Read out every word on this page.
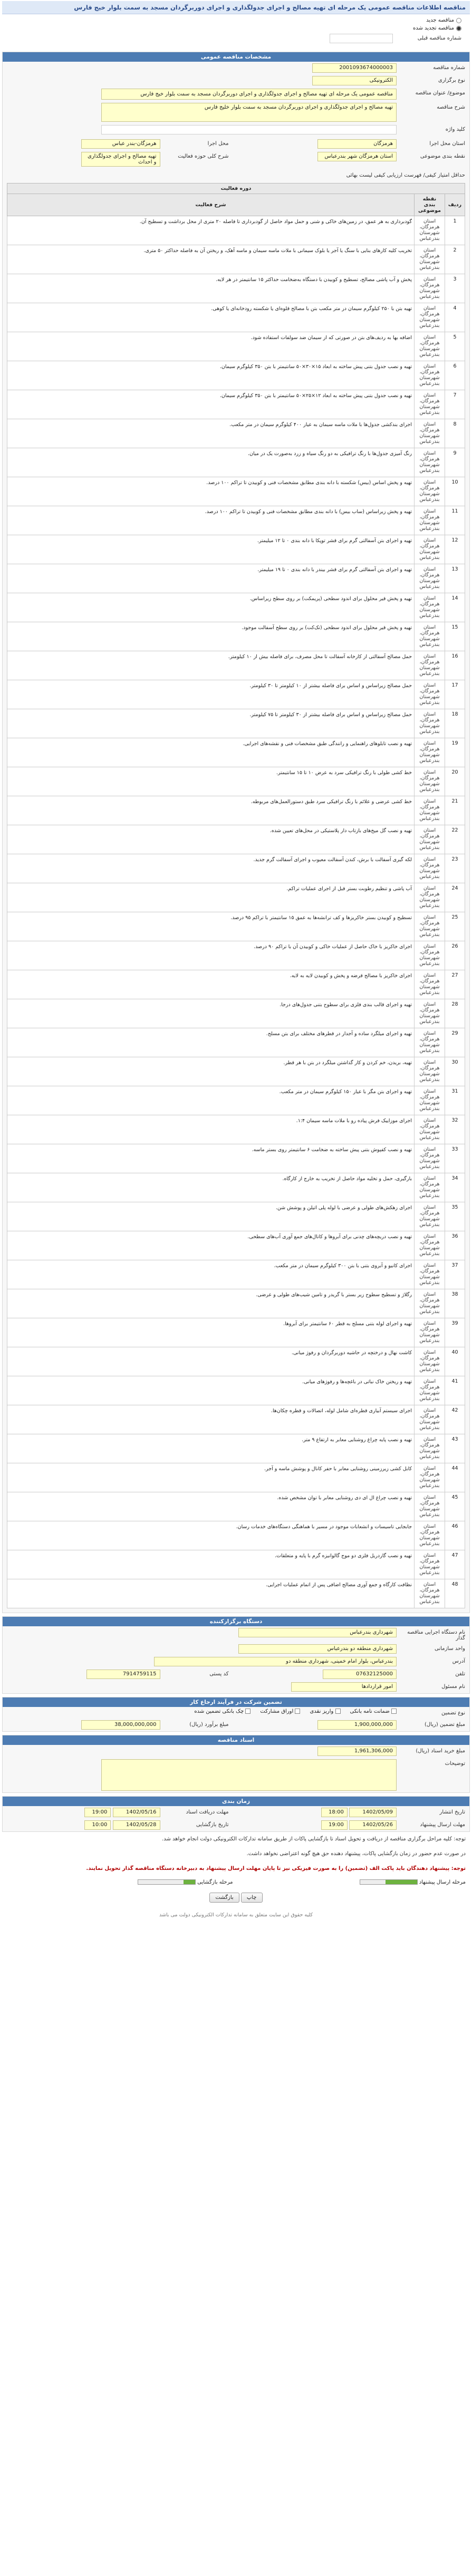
مناقصه اطلاعات مناقصه عمومی یک مرحله ای تهیه مصالح و اجرای جدولگذاری و اجرای دوربرگردان مسجد به سمت بلوار خیج فارس
مناقصه جدید
مناقصه تجدید شده
شماره مناقصه قبلی
مشخصات مناقصه عمومی
شماره مناقصه
2001093674000003
نوع برگزاری
الکترونیکی
موضوع/ عنوان مناقصه
مناقصه عمومی یک مرحله ای تهیه مصالح و اجرای جدولگذاری و اجرای دوربرگردان مسجد به سمت بلوار خیج فارس
شرح مناقصه
تهیه مصالح و اجرای جدولگذاری و اجرای دوربرگردان مسجد به سمت بلوار خلیج فارس
کلید واژه
استان محل اجرا
هرمزگان
محل اجرا
هرمزگان-بندر عباس
نقطه بندی موضوعی
استان هرمزگان شهر بندرعباس
شرح کلی حوزه فعالیت
تهیه مصالح و اجرای جدولگذاری و احداث
حداقل امتیاز کیفی/ فهرست ارزیابی کیفی لیست بهائی
دوره فعالیت		
ردیف	نقطه بندی موضوعی	شرح فعالیت
1	استان هرمزگان، شهرستان بندرعباس	گودبرداری به هر عمق، در زمین‌های خاکی و شنی و حمل مواد حاصل از گودبرداری تا فاصله ۲۰ متری از محل برداشت و تسطیح آن.
2	استان هرمزگان، شهرستان بندرعباس	تخریب کلیه کارهای بنایی با سنگ یا آجر یا بلوک سیمانی با ملات ماسه سیمان و ماسه آهک، و ریختن آن به فاصله حداکثر ۵۰ متری.
3	استان هرمزگان، شهرستان بندرعباس	پخش و آب پاشی مصالح، تسطیح و کوبیدن با دستگاه به‌ضخامت حداکثر ۱۵ سانتیمتر در هر لایه.
4	استان هرمزگان، شهرستان بندرعباس	تهیه بتن با ۲۵۰ کیلوگرم سیمان در متر مکعب بتن با مصالح قلوه‌ای یا شکسته رودخانه‌ای یا کوهی.
5	استان هرمزگان، شهرستان بندرعباس	اضافه بها به ردیف‌های بتن در صورتی که از سیمان ضد سولفات استفاده شود.
6	استان هرمزگان، شهرستان بندرعباس	تهیه و نصب جدول بتنی پیش ساخته به ابعاد ۱۵×۳۰×۵۰ سانتیمتر با بتن ۳۵۰ کیلوگرم سیمان.
7	استان هرمزگان، شهرستان بندرعباس	تهیه و نصب جدول بتنی پیش ساخته به ابعاد ۱۲×۲۵×۵۰ سانتیمتر با بتن ۳۵۰ کیلوگرم سیمان.
8	استان هرمزگان، شهرستان بندرعباس	اجرای بندکشی جدول‌ها با ملات ماسه سیمان به عیار ۴۰۰ کیلوگرم سیمان در متر مکعب.
9	استان هرمزگان، شهرستان بندرعباس	رنگ آمیزی جدول‌ها با رنگ ترافیکی به دو رنگ سیاه و زرد به‌صورت یک در میان.
10	استان هرمزگان، شهرستان بندرعباس	تهیه و پخش اساس (بیس) شکسته با دانه بندی مطابق مشخصات فنی و کوبیدن تا تراکم ۱۰۰ درصد.
11	استان هرمزگان، شهرستان بندرعباس	تهیه و پخش زیراساس (ساب بیس) با دانه بندی مطابق مشخصات فنی و کوبیدن تا تراکم ۱۰۰ درصد.
12	استان هرمزگان، شهرستان بندرعباس	تهیه و اجرای بتن آسفالتی گرم برای قشر توپکا با دانه بندی ۰ تا ۱۲ میلیمتر.
13	استان هرمزگان، شهرستان بندرعباس	تهیه و اجرای بتن آسفالتی گرم برای قشر بیندر با دانه بندی ۰ تا ۱۹ میلیمتر.
14	استان هرمزگان، شهرستان بندرعباس	تهیه و پخش قیر محلول برای اندود سطحی (پریمکت) بر روی سطح زیراساس.
15	استان هرمزگان، شهرستان بندرعباس	تهیه و پخش قیر محلول برای اندود سطحی (تک‌کت) بر روی سطح آسفالت موجود.
16	استان هرمزگان، شهرستان بندرعباس	حمل مصالح آسفالتی از کارخانه آسفالت تا محل مصرف، برای فاصله بیش از ۱۰ کیلومتر.
17	استان هرمزگان، شهرستان بندرعباس	حمل مصالح زیراساس و اساس برای فاصله بیشتر از ۱۰ کیلومتر تا ۳۰ کیلومتر.
18	استان هرمزگان، شهرستان بندرعباس	حمل مصالح زیراساس و اساس برای فاصله بیشتر از ۳۰ کیلومتر تا ۷۵ کیلومتر.
19	استان هرمزگان، شهرستان بندرعباس	تهیه و نصب تابلوهای راهنمایی و رانندگی طبق مشخصات فنی و نقشه‌های اجرایی.
20	استان هرمزگان، شهرستان بندرعباس	خط کشی طولی با رنگ ترافیکی سرد به عرض ۱۰ تا ۱۵ سانتیمتر.
21	استان هرمزگان، شهرستان بندرعباس	خط کشی عرضی و علائم با رنگ ترافیکی سرد طبق دستورالعمل‌های مربوطه.
22	استان هرمزگان، شهرستان بندرعباس	تهیه و نصب گل میخ‌های بازتاب دار پلاستیکی در محل‌های تعیین شده.
23	استان هرمزگان، شهرستان بندرعباس	لکه گیری آسفالت با برش، کندن آسفالت معیوب و اجرای آسفالت گرم جدید.
24	استان هرمزگان، شهرستان بندرعباس	آب پاشی و تنظیم رطوبت بستر قبل از اجرای عملیات تراکم.
25	استان هرمزگان، شهرستان بندرعباس	تسطیح و کوبیدن بستر خاکریزها و کف ترانشه‌ها به عمق ۱۵ سانتیمتر با تراکم ۹۵ درصد.
26	استان هرمزگان، شهرستان بندرعباس	اجرای خاکریز با خاک حاصل از عملیات خاکی و کوبیدن آن با تراکم ۹۰ درصد.
27	استان هرمزگان، شهرستان بندرعباس	اجرای خاکریز با مصالح قرضه و پخش و کوبیدن لایه به لایه.
28	استان هرمزگان، شهرستان بندرعباس	تهیه و اجرای قالب بندی فلزی برای سطوح بتنی جدول‌های درجا.
29	استان هرمزگان، شهرستان بندرعباس	تهیه و اجرای میلگرد ساده و آجدار در قطرهای مختلف برای بتن مسلح.
30	استان هرمزگان، شهرستان بندرعباس	تهیه، بریدن، خم کردن و کار گذاشتن میلگرد در بتن با هر قطر.
31	استان هرمزگان، شهرستان بندرعباس	تهیه و اجرای بتن مگر با عیار ۱۵۰ کیلوگرم سیمان در متر مکعب.
32	استان هرمزگان، شهرستان بندرعباس	اجرای موزاییک فرش پیاده رو با ملات ماسه سیمان ۱:۴.
33	استان هرمزگان، شهرستان بندرعباس	تهیه و نصب کفپوش بتنی پیش ساخته به ضخامت ۶ سانتیمتر روی بستر ماسه.
34	استان هرمزگان، شهرستان بندرعباس	بارگیری، حمل و تخلیه مواد حاصل از تخریب به خارج از کارگاه.
35	استان هرمزگان، شهرستان بندرعباس	اجرای زهکش‌های طولی و عرضی با لوله پلی اتیلن و پوشش شن.
36	استان هرمزگان، شهرستان بندرعباس	تهیه و نصب دریچه‌های چدنی برای آبروها و کانال‌های جمع آوری آب‌های سطحی.
37	استان هرمزگان، شهرستان بندرعباس	اجرای کانیو و آبروی بتنی با بتن ۳۰۰ کیلوگرم سیمان در متر مکعب.
38	استان هرمزگان، شهرستان بندرعباس	رگلاژ و تسطیح سطوح زیر بستر با گریدر و تامین شیب‌های طولی و عرضی.
39	استان هرمزگان، شهرستان بندرعباس	تهیه و اجرای لوله بتنی مسلح به قطر ۶۰ سانتیمتر برای آبروها.
40	استان هرمزگان، شهرستان بندرعباس	کاشت نهال و درختچه در حاشیه دوربرگردان و رفوژ میانی.
41	استان هرمزگان، شهرستان بندرعباس	تهیه و ریختن خاک نباتی در باغچه‌ها و رفوژهای میانی.
42	استان هرمزگان، شهرستان بندرعباس	اجرای سیستم آبیاری قطره‌ای شامل لوله، اتصالات و قطره چکان‌ها.
43	استان هرمزگان، شهرستان بندرعباس	تهیه و نصب پایه چراغ روشنایی معابر به ارتفاع ۹ متر.
44	استان هرمزگان، شهرستان بندرعباس	کابل کشی زیرزمینی روشنایی معابر با حفر کانال و پوشش ماسه و آجر.
45	استان هرمزگان، شهرستان بندرعباس	تهیه و نصب چراغ ال ای دی روشنایی معابر با توان مشخص شده.
46	استان هرمزگان، شهرستان بندرعباس	جابجایی تاسیسات و انشعابات موجود در مسیر با هماهنگی دستگاه‌های خدمات رسان.
47	استان هرمزگان، شهرستان بندرعباس	تهیه و نصب گاردریل فلزی دو موج گالوانیزه گرم با پایه و متعلقات.
48	استان هرمزگان، شهرستان بندرعباس	نظافت کارگاه و جمع آوری مصالح اضافی پس از اتمام عملیات اجرایی.
دستگاه برگزارکننده
نام دستگاه اجرایی مناقصه گذار
شهرداری بندرعباس
واحد سازمانی
شهرداری منطقه دو بندرعباس
آدرس
بندرعباس، بلوار امام خمینی، شهرداری منطقه دو
تلفن
07632125000
کد پستی
7914759115
نام مسئول
امور قراردادها
تضمین شرکت در فرآیند ارجاع کار
نوع تضمین
ضمانت نامه بانکی
واریز نقدی
اوراق مشارکت
چک بانکی تضمین شده
مبلغ تضمین (ریال)
1,900,000,000
مبلغ برآورد (ریال)
38,000,000,000
اسناد مناقصه
مبلغ خرید اسناد (ریال)
1,961,306,000
توضیحات
زمان بندی
تاریخ انتشار
1402/05/09 18:00
مهلت دریافت اسناد
1402/05/16 19:00
مهلت ارسال پیشنهاد
1402/05/26 19:00
تاریخ بازگشایی
1402/05/28 10:00
توجه: کلیه مراحل برگزاری مناقصه از دریافت و تحویل اسناد تا بازگشایی پاکات از طریق سامانه تدارکات الکترونیکی دولت انجام خواهد شد.
در صورت عدم حضور در زمان بازگشایی پاکات، پیشنهاد دهنده حق هیچ گونه اعتراضی نخواهد داشت.
توجه: پیشنهاد دهندگان باید پاکت الف (تضمین) را به صورت فیزیکی نیز تا پایان مهلت ارسال پیشنهاد به دبیرخانه دستگاه مناقصه گذار تحویل نمایند.
مرحله ارسال پیشنهاد
مرحله بازگشایی
چاپ بازگشت
کلیه حقوق این سایت متعلق به سامانه تدارکات الکترونیکی دولت می باشد
